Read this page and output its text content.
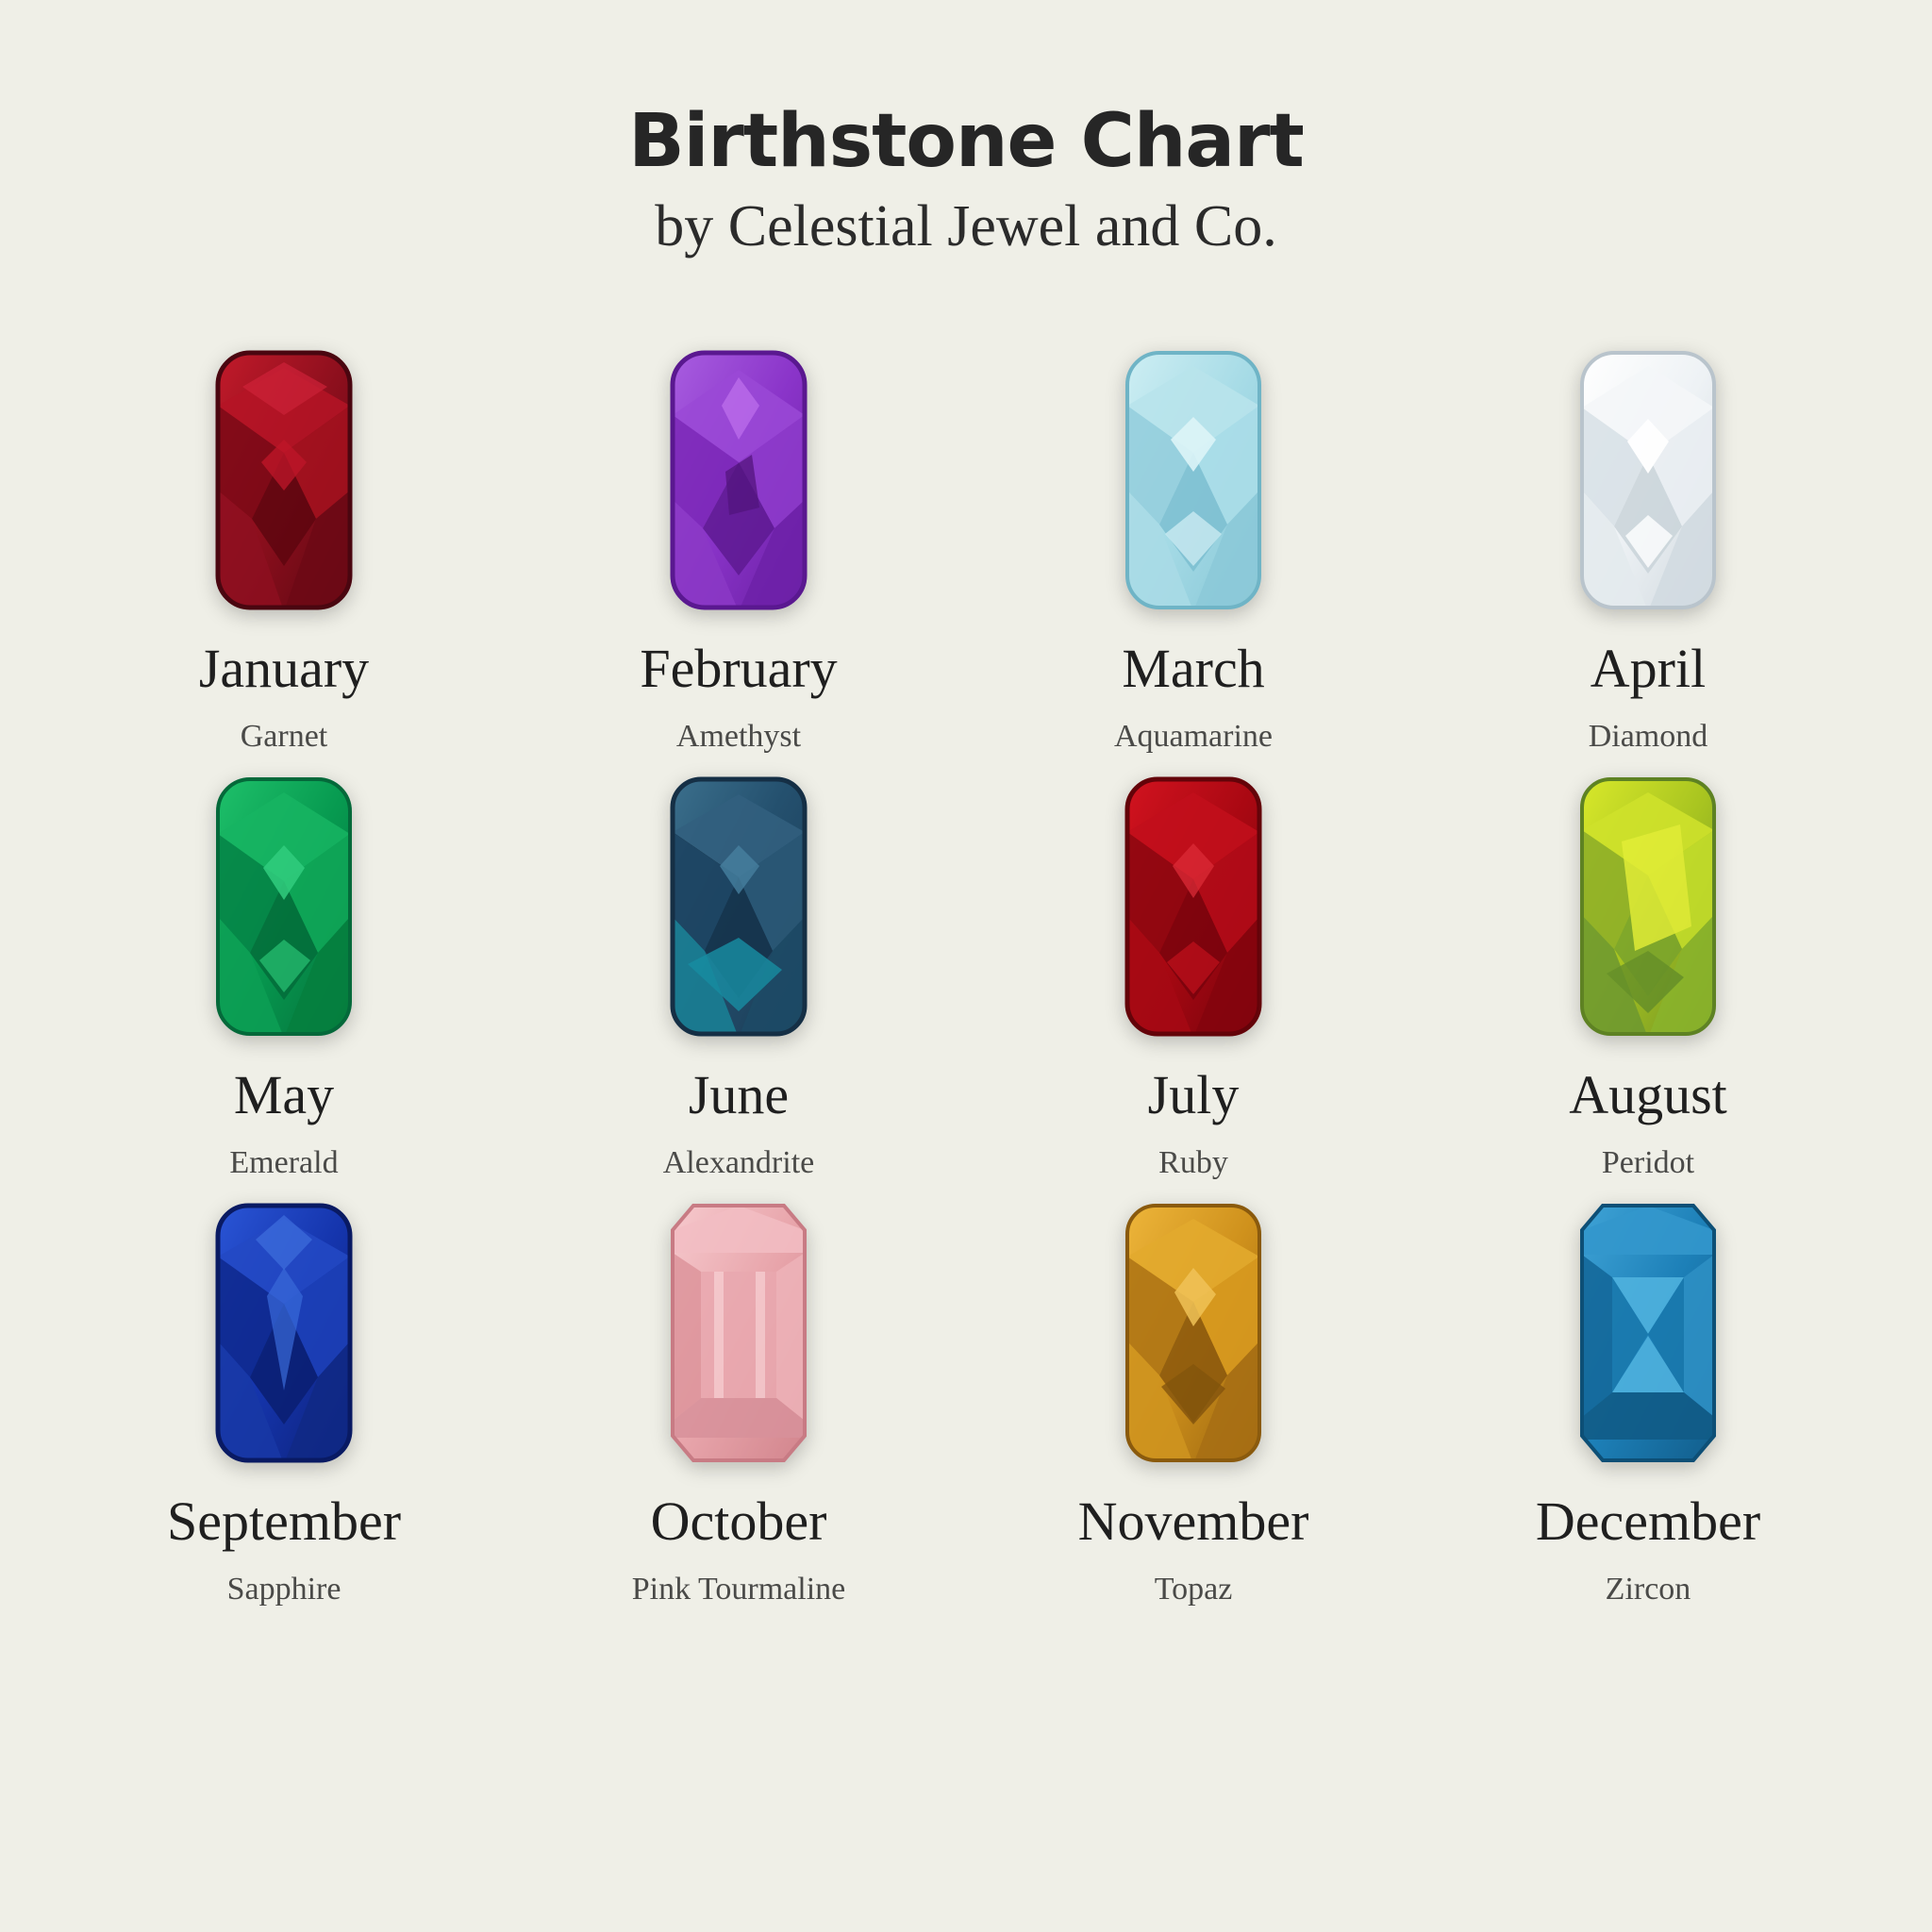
Birthstone Chart
by Celestial Jewel and Co.
January
Garnet
February
Amethyst
March
Aquamarine
April
Diamond
May
Emerald
June
Alexandrite
July
Ruby
August
Peridot
September
Sapphire
October
Pink Tourmaline
November
Topaz
December
Zircon
